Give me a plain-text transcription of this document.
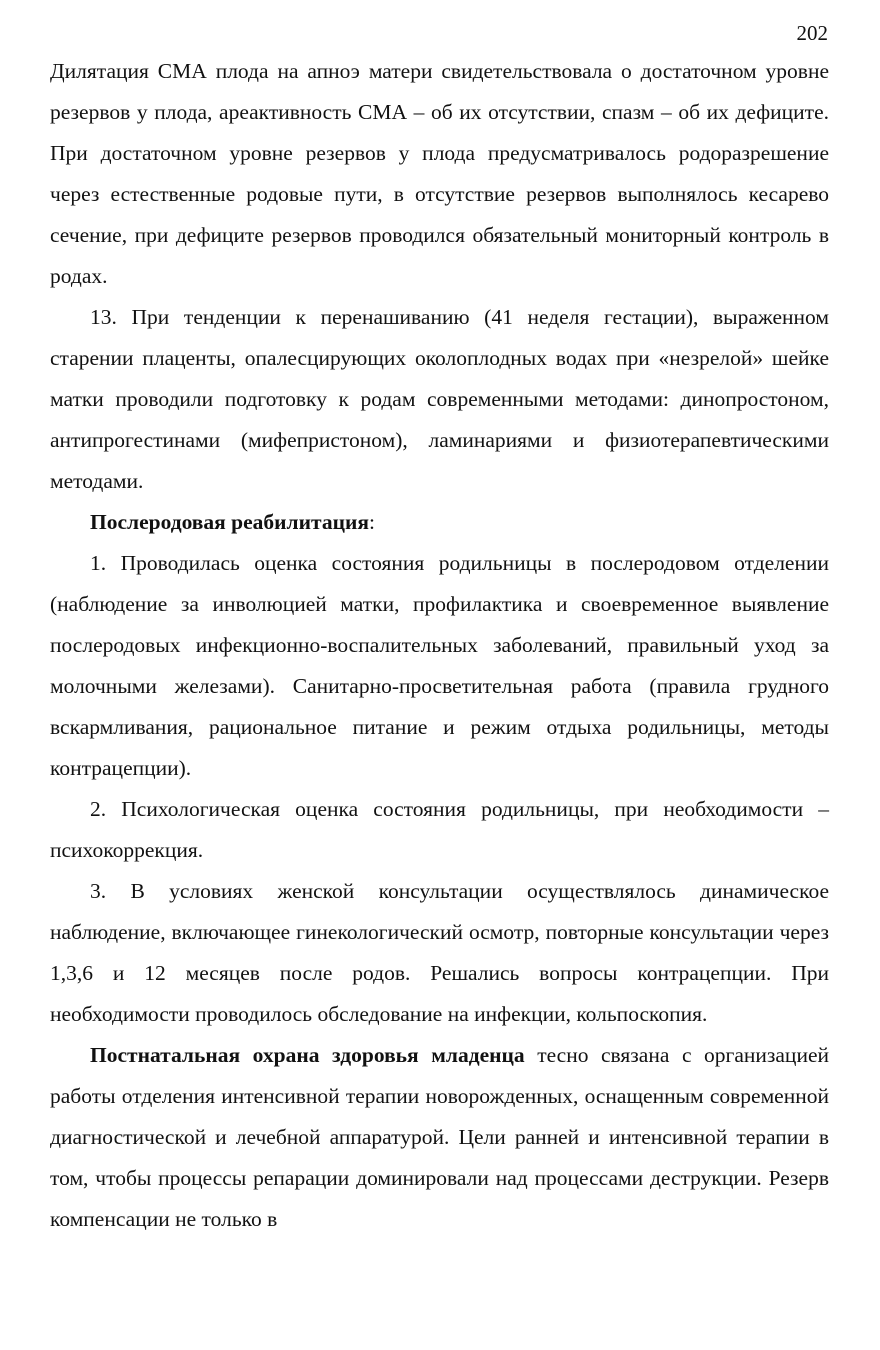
202

Дилятация СМА плода на апноэ матери свидетельствовала о достаточном уровне резервов у плода, ареактивность СМА – об их отсутствии, спазм – об их дефиците. При достаточном уровне резервов у плода предусматривалось родоразрешение через естественные родовые пути, в отсутствие резервов выполнялось кесарево сечение, при дефиците резервов проводился обязательный мониторный контроль в родах.

13. При тенденции к перенашиванию (41 неделя гестации), выраженном старении плаценты, опалесцирующих околоплодных водах при «незрелой» шейке матки проводили подготовку к родам современными методами: динопростоном, антипрогестинами (мифепристоном), ламинариями и физиотерапевтическими методами.

Послеродовая реабилитация:

1. Проводилась оценка состояния родильницы в послеродовом отделении (наблюдение за инволюцией матки, профилактика и своевременное выявление послеродовых инфекционно-воспалительных заболеваний, правильный уход за молочными железами). Санитарно-просветительная работа (правила грудного вскармливания, рациональное питание и режим отдыха родильницы, методы контрацепции).

2. Психологическая оценка состояния родильницы, при необходимости – психокоррекция.

3. В условиях женской консультации осуществлялось динамическое наблюдение, включающее гинекологический осмотр, повторные консультации через 1,3,6 и 12 месяцев после родов. Решались вопросы контрацепции. При необходимости проводилось обследование на инфекции, кольпоскопия.

Постнатальная охрана здоровья младенца тесно связана с организацией работы отделения интенсивной терапии новорожденных, оснащенным современной диагностической и лечебной аппаратурой. Цели ранней и интенсивной терапии в том, чтобы процессы репарации доминировали над процессами деструкции. Резерв компенсации не только в
